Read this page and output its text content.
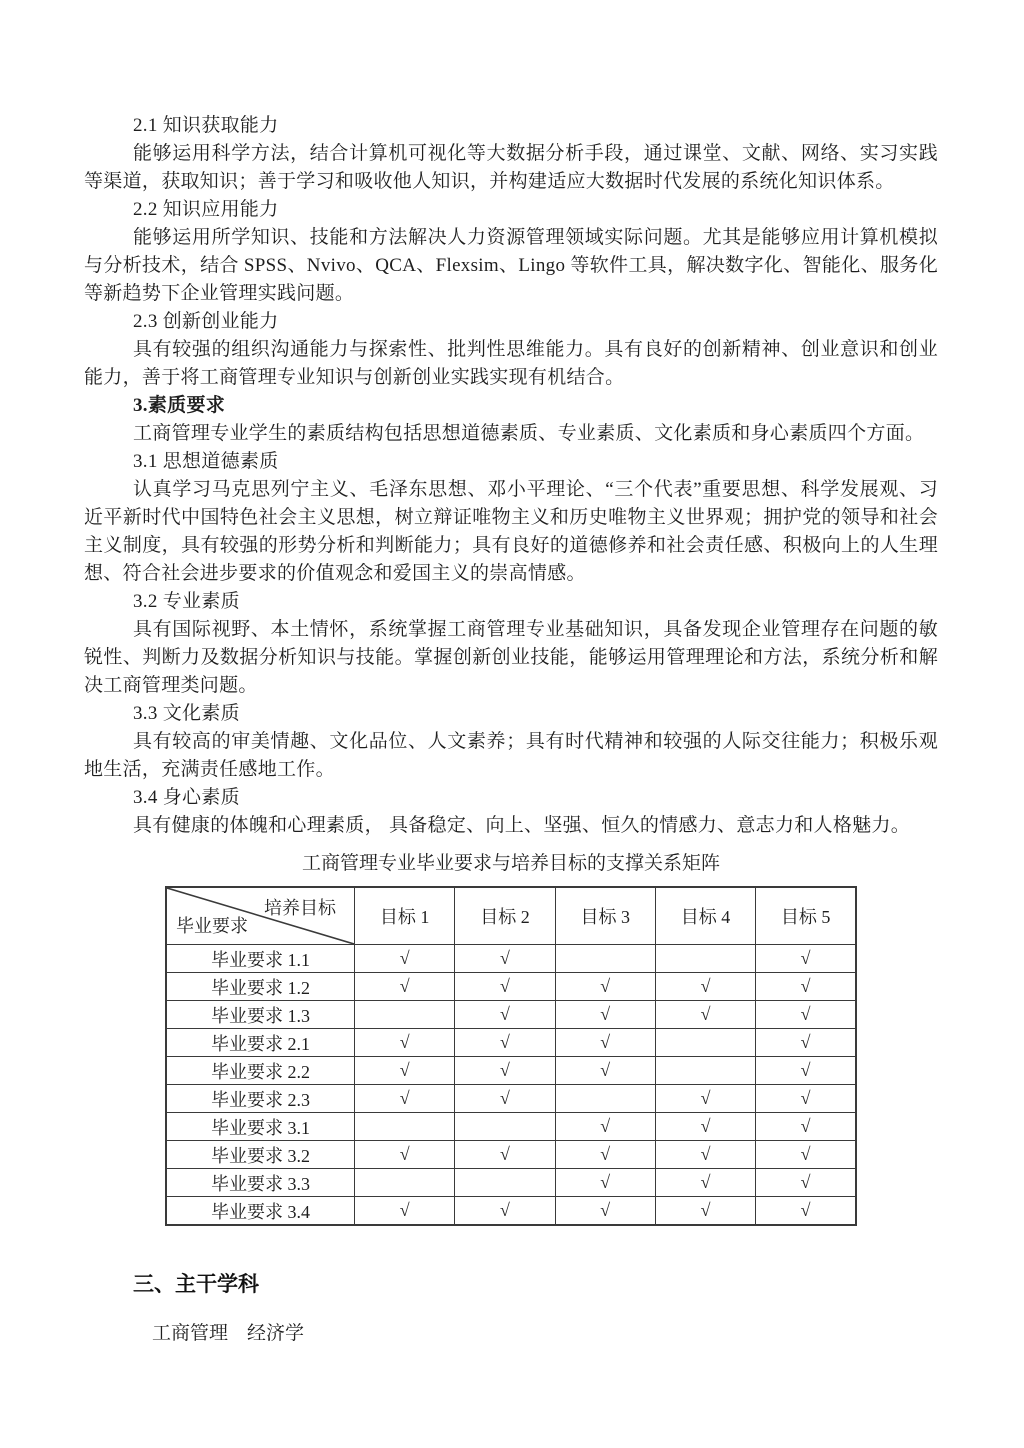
2.1 知识获取能力

能够运用科学方法，结合计算机可视化等大数据分析手段，通过课堂、文献、网络、实习实践等渠道，获取知识；善于学习和吸收他人知识，并构建适应大数据时代发展的系统化知识体系。

2.2 知识应用能力

能够运用所学知识、技能和方法解决人力资源管理领域实际问题。尤其是能够应用计算机模拟与分析技术，结合 SPSS、Nvivo、QCA、Flexsim、Lingo 等软件工具，解决数字化、智能化、服务化等新趋势下企业管理实践问题。

2.3 创新创业能力

具有较强的组织沟通能力与探索性、批判性思维能力。具有良好的创新精神、创业意识和创业能力，善于将工商管理专业知识与创新创业实践实现有机结合。

3.素质要求

工商管理专业学生的素质结构包括思想道德素质、专业素质、文化素质和身心素质四个方面。

3.1 思想道德素质

认真学习马克思列宁主义、毛泽东思想、邓小平理论、“三个代表”重要思想、科学发展观、习近平新时代中国特色社会主义思想，树立辩证唯物主义和历史唯物主义世界观；拥护党的领导和社会主义制度，具有较强的形势分析和判断能力；具有良好的道德修养和社会责任感、积极向上的人生理想、符合社会进步要求的价值观念和爱国主义的崇高情感。

3.2 专业素质

具有国际视野、本土情怀，系统掌握工商管理专业基础知识，具备发现企业管理存在问题的敏锐性、判断力及数据分析知识与技能。掌握创新创业技能，能够运用管理理论和方法，系统分析和解决工商管理类问题。

3.3 文化素质

具有较高的审美情趣、文化品位、人文素养；具有时代精神和较强的人际交往能力；积极乐观地生活，充满责任感地工作。

3.4 身心素质

具有健康的体魄和心理素质， 具备稳定、向上、坚强、恒久的情感力、意志力和人格魅力。

工商管理专业毕业要求与培养目标的支撑关系矩阵
培养目标
毕业要求	目标 1	目标 2	目标 3	目标 4	目标 5
毕业要求 1.1	√	√			√
毕业要求 1.2	√	√	√	√	√
毕业要求 1.3		√	√	√	√
毕业要求 2.1	√	√	√		√
毕业要求 2.2	√	√	√		√
毕业要求 2.3	√	√		√	√
毕业要求 3.1			√	√	√
毕业要求 3.2	√	√	√	√	√
毕业要求 3.3			√	√	√
毕业要求 3.4	√	√	√	√	√

三、主干学科

工商管理　经济学
